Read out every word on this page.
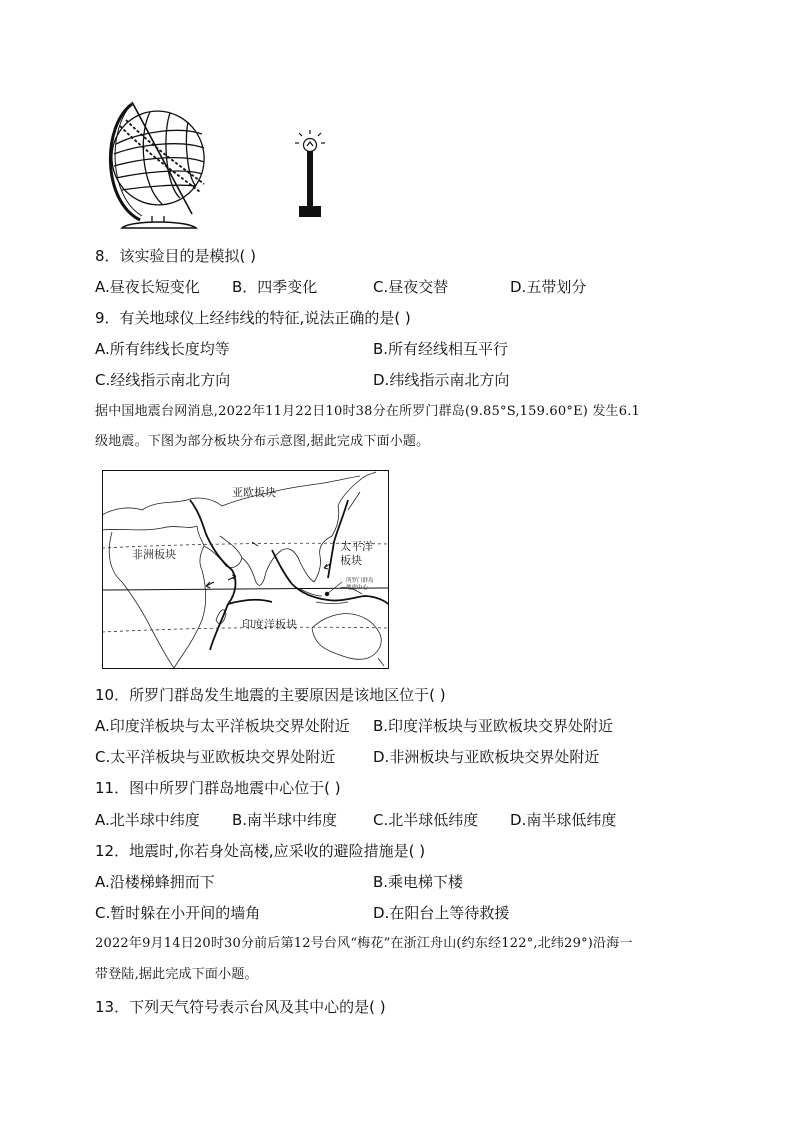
8．该实验目的是模拟( )
A.昼夜长短变化 B．四季变化	C.昼夜交替	D.五带划分
9．有关地球仪上经纬线的特征,说法正确的是( )
A.所有纬线长度均等	B.所有经线相互平行
C.经线指示南北方向	D.纬线指示南北方向
据中国地震台网消息,2022年11月22日10时38分在所罗门群岛(9.85°S,159.60°E) 发生6.1
级地震。下图为部分板块分布示意图,据此完成下面小题。
亚欧板块
非洲板块
太平洋
板块
印度洋板块
所罗门群岛
地震中心
10．所罗门群岛发生地震的主要原因是该地区位于( )
A.印度洋板块与太平洋板块交界处附近 B.印度洋板块与亚欧板块交界处附近
C.太平洋板块与亚欧板块交界处附近	D.非洲板块与亚欧板块交界处附近
11．图中所罗门群岛地震中心位于( )
A.北半球中纬度 B.南半球中纬度 C.北半球低纬度 D.南半球低纬度
12．地震时,你若身处高楼,应采收的避险措施是( )
A.沿楼梯蜂拥而下	B.乘电梯下楼
C.暂时躲在小开间的墙角	D.在阳台上等待救援
2022年9月14日20时30分前后第12号台风“梅花”在浙江舟山(约东经122°,北纬29°)沿海一
带登陆,据此完成下面小题。
13．下列天气符号表示台风及其中心的是( )
